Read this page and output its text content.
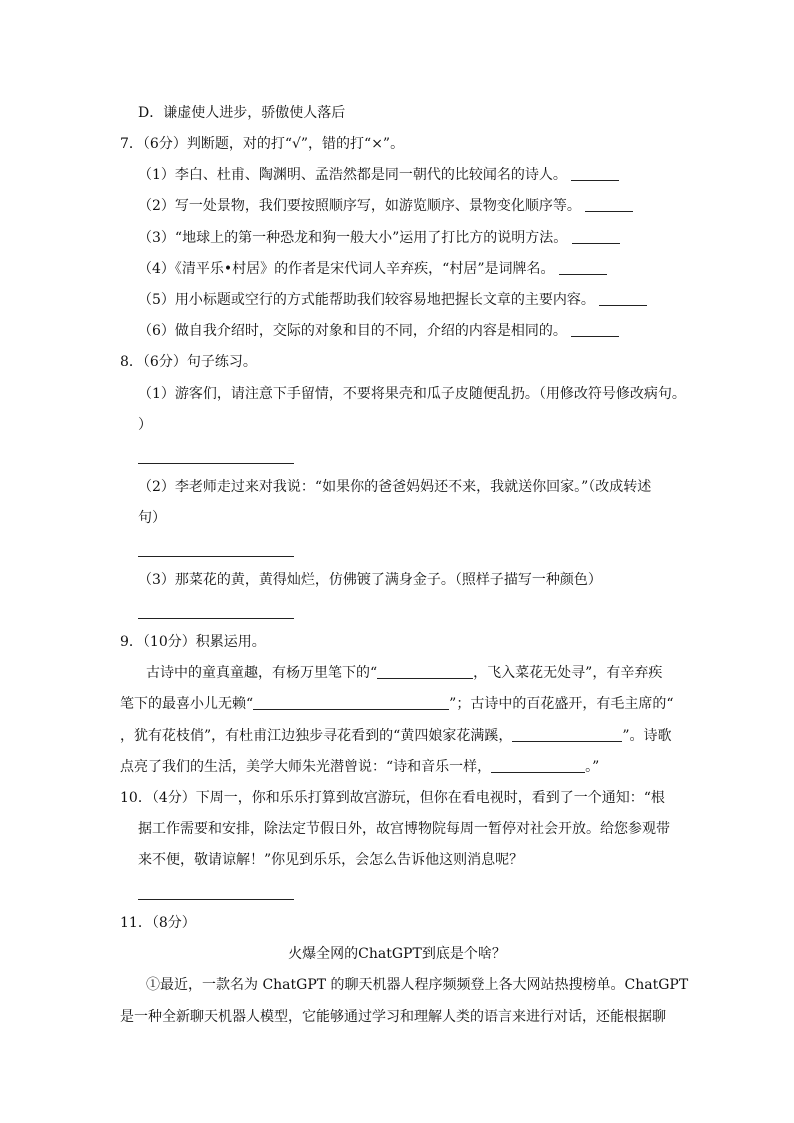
D．谦虚使人进步，骄傲使人落后
7．（6分）判断题，对的打“√”，错的打“×”。
（1）李白、杜甫、陶渊明、孟浩然都是同一朝代的比较闻名的诗人。
（2）写一处景物，我们要按照顺序写，如游览顺序、景物变化顺序等。
（3）“地球上的第一种恐龙和狗一般大小”运用了打比方的说明方法。
（4）《清平乐•村居》的作者是宋代词人辛弃疾，“村居”是词牌名。
（5）用小标题或空行的方式能帮助我们较容易地把握长文章的主要内容。
（6）做自我介绍时，交际的对象和目的不同，介绍的内容是相同的。
8．（6分）句子练习。
（1）游客们，请注意下手留情，不要将果壳和瓜子皮随便乱扔。（用修改符号修改病句。
）
（2）李老师走过来对我说：“如果你的爸爸妈妈还不来，我就送你回家。”（改成转述
句）
（3）那菜花的黄，黄得灿烂，仿佛镀了满身金子。（照样子描写一种颜色）
9．（10分）积累运用。
古诗中的童真童趣，有杨万里笔下的“	，飞入菜花无处寻”，有辛弃疾
笔下的最喜小儿无赖“	”；古诗中的百花盛开，有毛主席的“
，犹有花枝俏”，有杜甫江边独步寻花看到的“黄四娘家花满蹊，	”。诗歌
点亮了我们的生活，美学大师朱光潜曾说：“诗和音乐一样，	。”
10．（4分）下周一，你和乐乐打算到故宫游玩，但你在看电视时，看到了一个通知：“根
据工作需要和安排，除法定节假日外，故宫博物院每周一暂停对社会开放。给您参观带
来不便，敬请谅解！”你见到乐乐，会怎么告诉他这则消息呢？
11．（8分）
火爆全网的ChatGPT到底是个啥？
①最近，一款名为 ChatGPT 的聊天机器人程序频频登上各大网站热搜榜单。ChatGPT
是一种全新聊天机器人模型，它能够通过学习和理解人类的语言来进行对话，还能根据聊
